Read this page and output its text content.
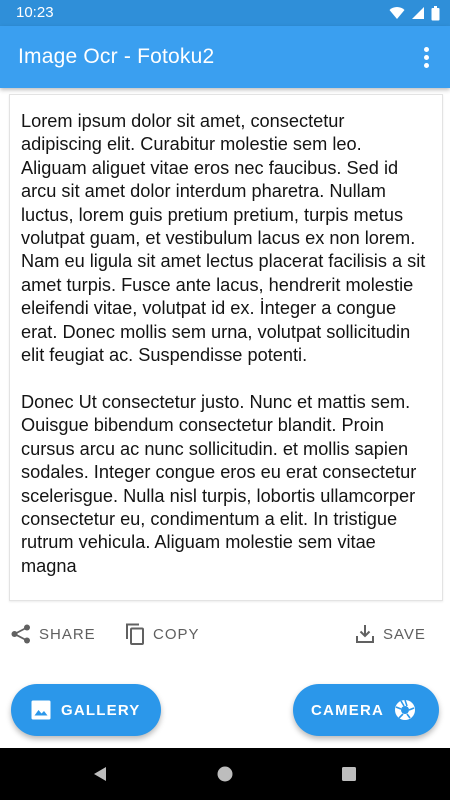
10:23
Image Ocr - Fotoku2
Lorem ipsum dolor sit amet, consectetur adipiscing elit. Curabitur molestie sem leo. Aliguam aliguet vitae eros nec faucibus. Sed id arcu sit amet dolor interdum pharetra. Nullam luctus, lorem guis pretium pretium, turpis metus volutpat guam, et vestibulum lacus ex non lorem. Nam eu ligula sit amet lectus placerat facilisis a sit amet turpis. Fusce ante lacus, hendrerit molestie eleifendi vitae, volutpat id ex. İnteger a congue erat. Donec mollis sem urna, volutpat sollicitudin elit feugiat ac. Suspendisse potenti.

Donec Ut consectetur justo. Nunc et mattis sem. Ouisgue bibendum consectetur blandit. Proin cursus arcu ac nunc sollicitudin. et mollis sapien sodales. Integer congue eros eu erat consectetur scelerisgue. Nulla nisl turpis, lobortis ullamcorper consectetur eu, condimentum a elit. In tristigue rutrum vehicula. Aliguam molestie sem vitae magna
SHARE	COPY	SAVE
GALLERY	CAMERA
